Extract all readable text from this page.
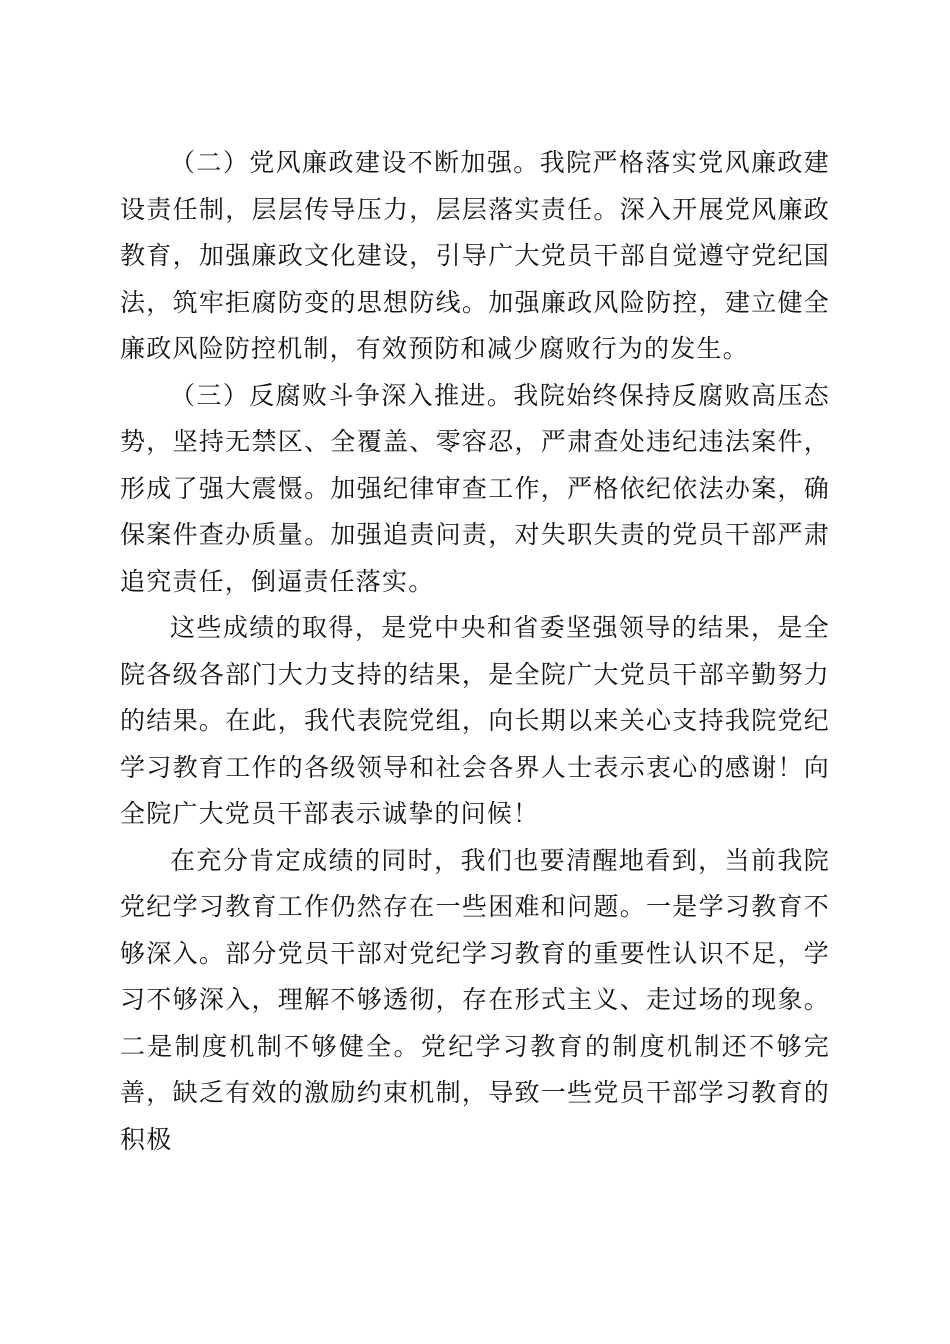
（二）党风廉政建设不断加强。我院严格落实党风廉政建设责任制，层层传导压力，层层落实责任。深入开展党风廉政教育，加强廉政文化建设，引导广大党员干部自觉遵守党纪国法，筑牢拒腐防变的思想防线。加强廉政风险防控，建立健全廉政风险防控机制，有效预防和减少腐败行为的发生。

（三）反腐败斗争深入推进。我院始终保持反腐败高压态势，坚持无禁区、全覆盖、零容忍，严肃查处违纪违法案件，形成了强大震慑。加强纪律审查工作，严格依纪依法办案，确保案件查办质量。加强追责问责，对失职失责的党员干部严肃追究责任，倒逼责任落实。

这些成绩的取得，是党中央和省委坚强领导的结果，是全院各级各部门大力支持的结果，是全院广大党员干部辛勤努力的结果。在此，我代表院党组，向长期以来关心支持我院党纪学习教育工作的各级领导和社会各界人士表示衷心的感谢！向全院广大党员干部表示诚挚的问候！

在充分肯定成绩的同时，我们也要清醒地看到，当前我院党纪学习教育工作仍然存在一些困难和问题。一是学习教育不够深入。部分党员干部对党纪学习教育的重要性认识不足，学习不够深入，理解不够透彻，存在形式主义、走过场的现象。二是制度机制不够健全。党纪学习教育的制度机制还不够完善，缺乏有效的激励约束机制，导致一些党员干部学习教育的积极
